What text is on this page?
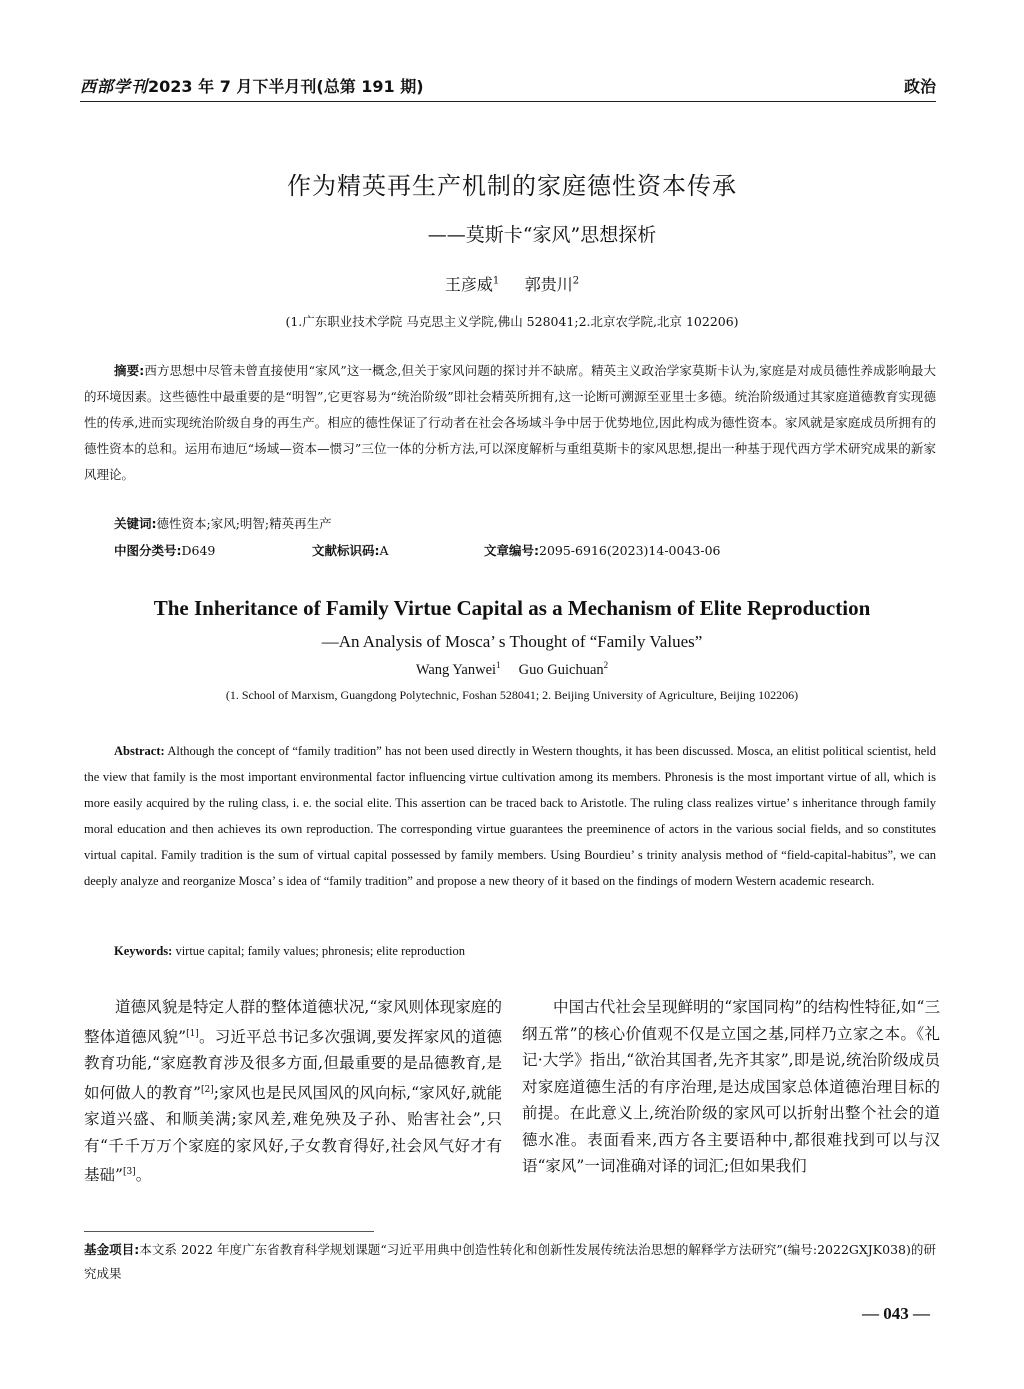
西部学刊2023 年 7 月下半月刊(总第 191 期)	政治
作为精英再生产机制的家庭德性资本传承
——莫斯卡“家风”思想探析
王彦威$^1$ 郭贵川$^2$
(1.广东职业技术学院 马克思主义学院,佛山 528041;2.北京农学院,北京 102206)
摘要:西方思想中尽管未曾直接使用“家风”这一概念,但关于家风问题的探讨并不缺席。精英主义政治学家莫斯卡认为,家庭是对成员德性养成影响最大的环境因素。这些德性中最重要的是“明智”,它更容易为“统治阶级”即社会精英所拥有,这一论断可溯源至亚里士多德。统治阶级通过其家庭道德教育实现德性的传承,进而实现统治阶级自身的再生产。相应的德性保证了行动者在社会各场域斗争中居于优势地位,因此构成为德性资本。家风就是家庭成员所拥有的德性资本的总和。运用布迪厄“场域—资本—惯习”三位一体的分析方法,可以深度解析与重组莫斯卡的家风思想,提出一种基于现代西方学术研究成果的新家风理论。
关键词:德性资本;家风;明智;精英再生产
中图分类号:D649	文献标识码:A	文章编号:2095-6916(2023)14-0043-06
The Inheritance of Family Virtue Capital as a Mechanism of Elite Reproduction
—An Analysis of Mosca’ s Thought of “Family Values”
Wang Yanwei$^1$ Guo Guichuan$^2$
(1. School of Marxism, Guangdong Polytechnic, Foshan 528041; 2. Beijing University of Agriculture, Beijing 102206)
Abstract: Although the concept of “family tradition” has not been used directly in Western thoughts, it has been discussed. Mosca, an elitist political scientist, held the view that family is the most important environmental factor influencing virtue cultivation among its members. Phronesis is the most important virtue of all, which is more easily acquired by the ruling class, i. e. the social elite. This assertion can be traced back to Aristotle. The ruling class realizes virtue’ s inheritance through family moral education and then achieves its own reproduction. The corresponding virtue guarantees the preeminence of actors in the various social fields, and so constitutes virtual capital. Family tradition is the sum of virtual capital possessed by family members. Using Bourdieu’ s trinity analysis method of “field-capital-habitus”, we can deeply analyze and reorganize Mosca’ s idea of “family tradition” and propose a new theory of it based on the findings of modern Western academic research.
Keywords: virtue capital; family values; phronesis; elite reproduction
道德风貌是特定人群的整体道德状况,“家风则体现家庭的整体道德风貌”[1]。习近平总书记多次强调,要发挥家风的道德教育功能,“家庭教育涉及很多方面,但最重要的是品德教育,是如何做人的教育”[2];家风也是民风国风的风向标,“家风好,就能家道兴盛、和顺美满;家风差,难免殃及子孙、贻害社会”,只有“千千万万个家庭的家风好,子女教育得好,社会风气好才有基础”[3]。
中国古代社会呈现鲜明的“家国同构”的结构性特征,如“三纲五常”的核心价值观不仅是立国之基,同样乃立家之本。《礼记·大学》指出,“欲治其国者,先齐其家”,即是说,统治阶级成员对家庭道德生活的有序治理,是达成国家总体道德治理目标的前提。在此意义上,统治阶级的家风可以折射出整个社会的道德水准。表面看来,西方各主要语种中,都很难找到可以与汉语“家风”一词准确对译的词汇;但如果我们
基金项目:本文系 2022 年度广东省教育科学规划课题“习近平用典中创造性转化和创新性发展传统法治思想的解释学方法研究”(编号:2022GXJK038)的研究成果
— 043 —
